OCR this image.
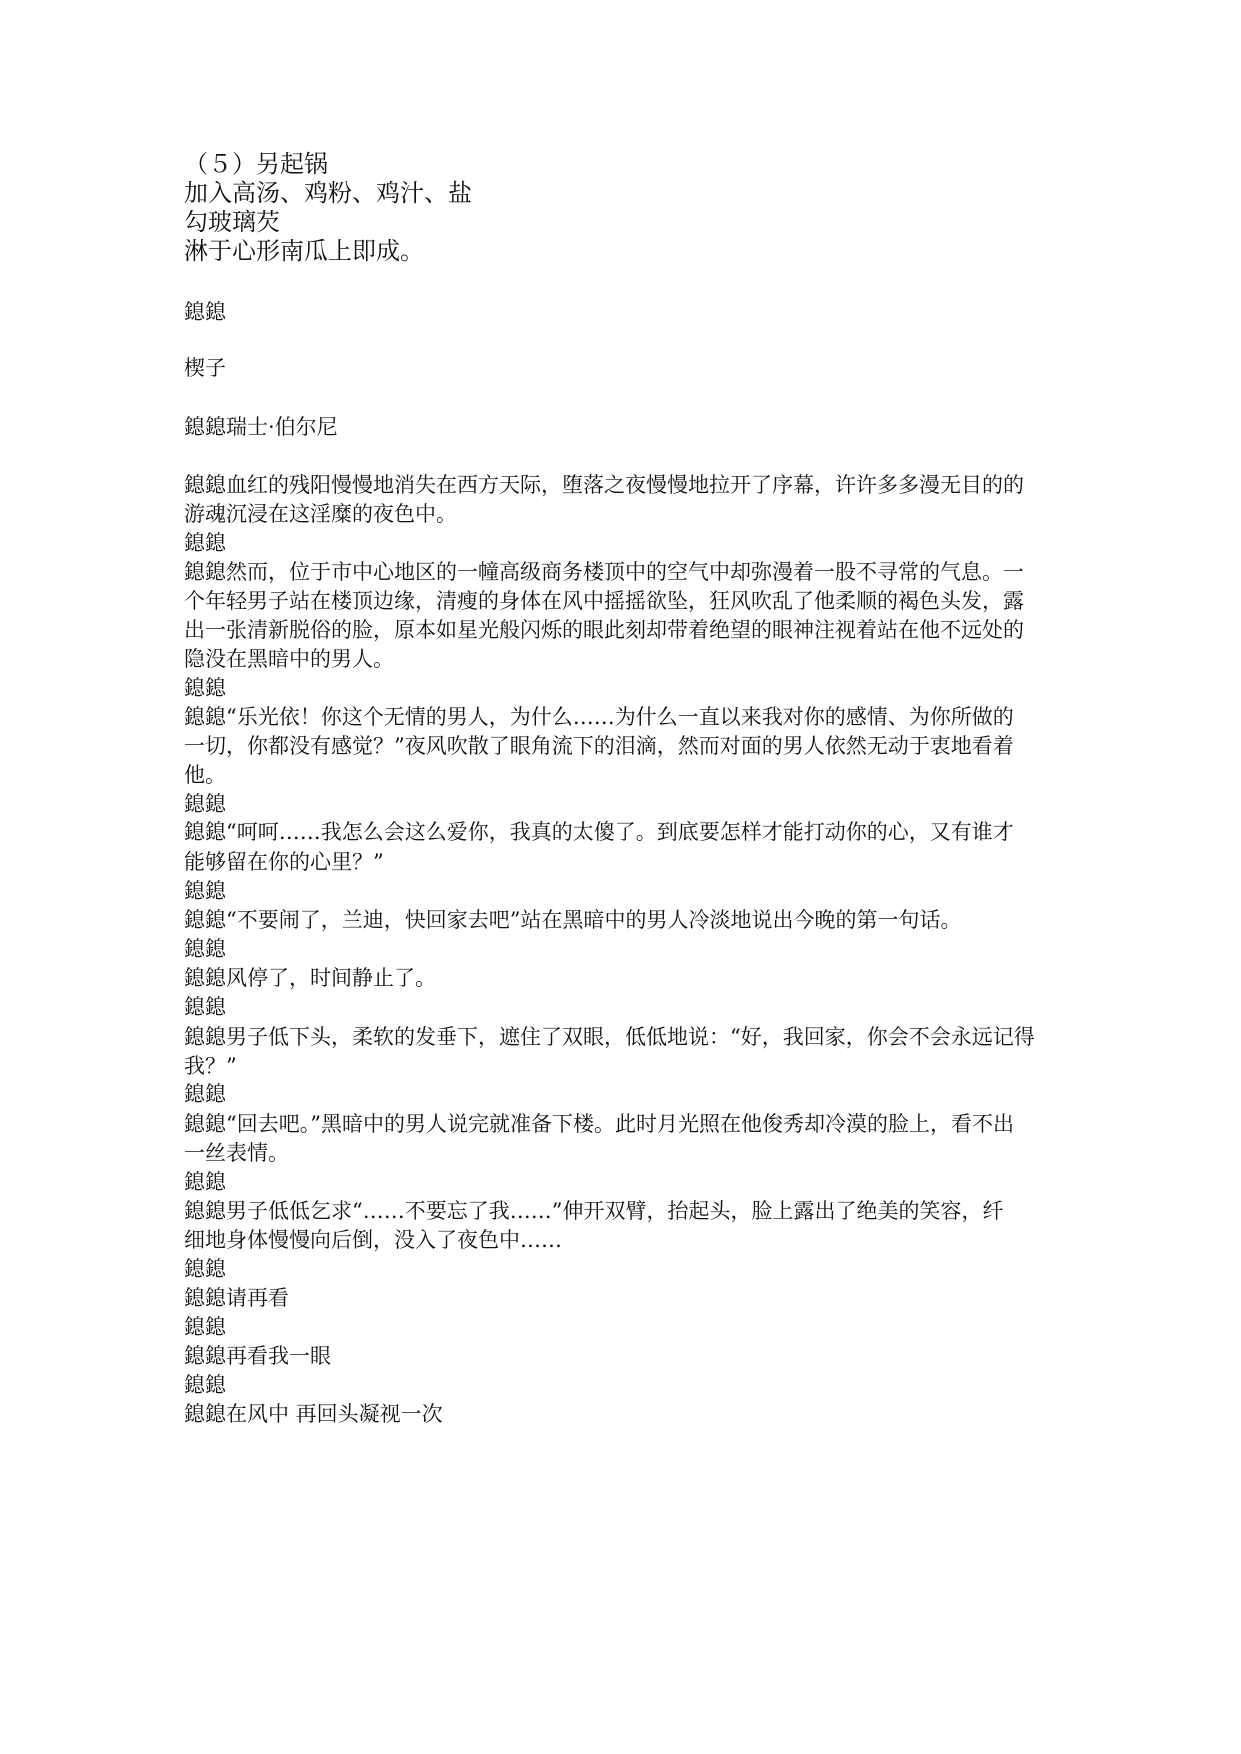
（５）另起锅
加入高汤、鸡粉、鸡汁、盐
勾玻璃芡
淋于心形南瓜上即成。
鎴鎴
楔子
鎴鎴瑞士·伯尔尼
鎴鎴血红的残阳慢慢地消失在西方天际，堕落之夜慢慢地拉开了序幕，许许多多漫无目的的
游魂沉浸在这淫糜的夜色中。
鎴鎴
鎴鎴然而，位于市中心地区的一幢高级商务楼顶中的空气中却弥漫着一股不寻常的气息。一
个年轻男子站在楼顶边缘，清瘦的身体在风中摇摇欲坠，狂风吹乱了他柔顺的褐色头发，露
出一张清新脱俗的脸，原本如星光般闪烁的眼此刻却带着绝望的眼神注视着站在他不远处的
隐没在黑暗中的男人。
鎴鎴
鎴鎴“乐光依！你这个无情的男人，为什么……为什么一直以来我对你的感情、为你所做的
一切，你都没有感觉？”夜风吹散了眼角流下的泪滴，然而对面的男人依然无动于衷地看着
他。
鎴鎴
鎴鎴“呵呵……我怎么会这么爱你，我真的太傻了。到底要怎样才能打动你的心，又有谁才
能够留在你的心里？”
鎴鎴
鎴鎴“不要闹了，兰迪，快回家去吧”站在黑暗中的男人冷淡地说出今晚的第一句话。
鎴鎴
鎴鎴风停了，时间静止了。
鎴鎴
鎴鎴男子低下头，柔软的发垂下，遮住了双眼，低低地说：“好，我回家，你会不会永远记得
我？”
鎴鎴
鎴鎴“回去吧。”黑暗中的男人说完就准备下楼。此时月光照在他俊秀却冷漠的脸上，看不出
一丝表情。
鎴鎴
鎴鎴男子低低乞求“……不要忘了我……”伸开双臂，抬起头，脸上露出了绝美的笑容，纤
细地身体慢慢向后倒，没入了夜色中……
鎴鎴
鎴鎴请再看
鎴鎴
鎴鎴再看我一眼
鎴鎴
鎴鎴在风中 再回头凝视一次
